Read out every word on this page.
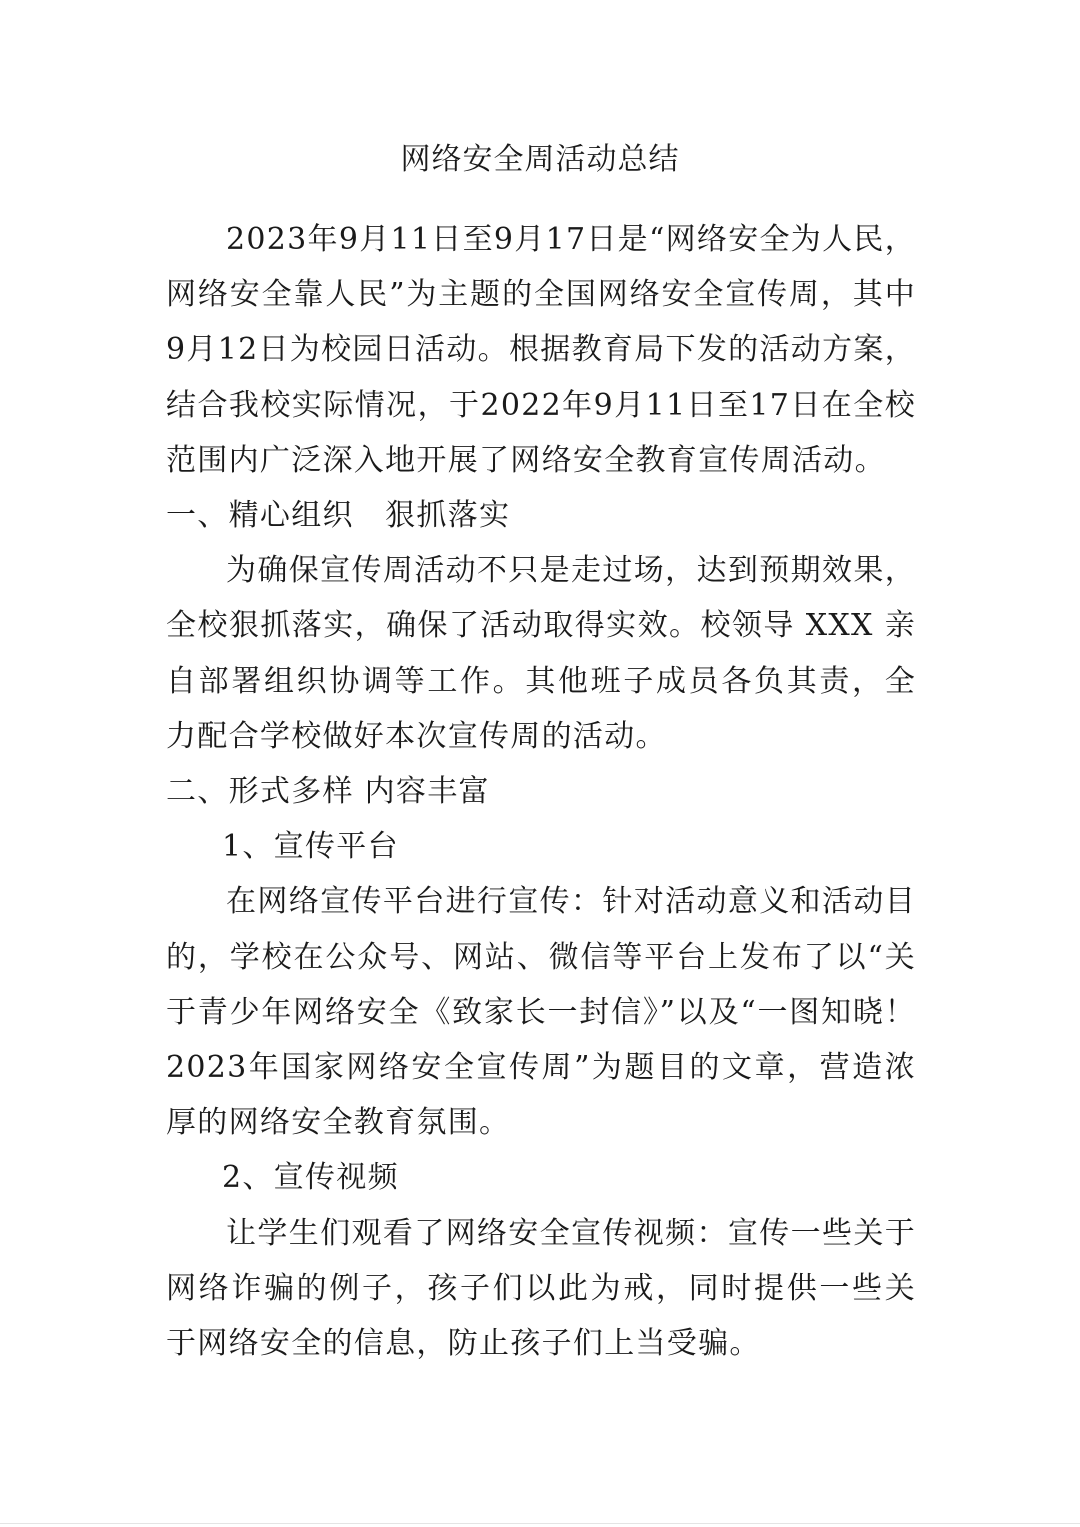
网络安全周活动总结

2023年9月11日至9月17日是“网络安全为人民，网络安全靠人民”为主题的全国网络安全宣传周，其中9月12日为校园日活动。根据教育局下发的活动方案，结合我校实际情况，于2022年9月11日至17日在全校范围内广泛深入地开展了网络安全教育宣传周活动。

一、精心组织　狠抓落实

为确保宣传周活动不只是走过场，达到预期效果，全校狠抓落实，确保了活动取得实效。校领导 XXX 亲自部署组织协调等工作。其他班子成员各负其责，全力配合学校做好本次宣传周的活动。

二、形式多样 内容丰富

1、宣传平台

在网络宣传平台进行宣传：针对活动意义和活动目的，学校在公众号、网站、微信等平台上发布了以“关于青少年网络安全《致家长一封信》”以及“一图知晓！2023年国家网络安全宣传周”为题目的文章，营造浓厚的网络安全教育氛围。

2、宣传视频

让学生们观看了网络安全宣传视频：宣传一些关于网络诈骗的例子，孩子们以此为戒，同时提供一些关于网络安全的信息，防止孩子们上当受骗。
